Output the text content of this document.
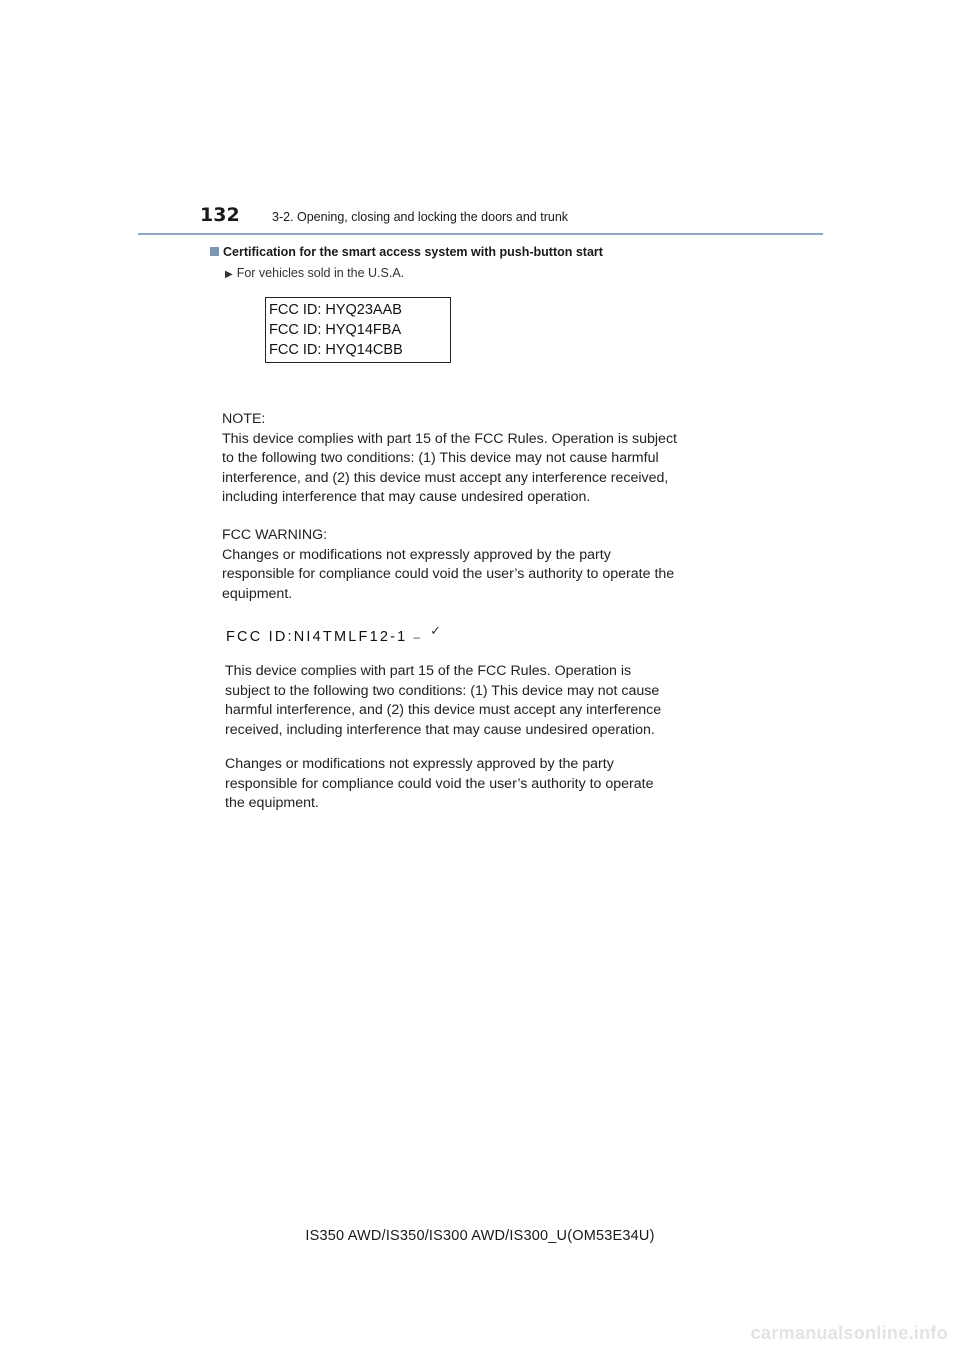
132	3-2. Opening, closing and locking the doors and trunk
Certification for the smart access system with push-button start
▶ For vehicles sold in the U.S.A.
FCC ID: HYQ23AAB
FCC ID: HYQ14FBA
FCC ID: HYQ14CBB

NOTE:

This device complies with part 15 of the FCC Rules. Operation is subject

to the following two conditions: (1) This device may not cause harmful

interference, and (2) this device must accept any interference received,

including interference that may cause undesired operation.

FCC WARNING:

Changes or modifications not expressly approved by the party

responsible for compliance could void the user’s authority to operate the

equipment.

FCC ID:NI4TMLF12-1 – ✓

This device complies with part 15 of the FCC Rules. Operation is

subject to the following two conditions: (1) This device may not cause

harmful interference, and (2) this device must accept any interference

received, including interference that may cause undesired operation.

Changes or modifications not expressly approved by the party

responsible for compliance could void the user’s authority to operate

the equipment.

IS350 AWD/IS350/IS300 AWD/IS300_U(OM53E34U)
carmanualsonline.info
